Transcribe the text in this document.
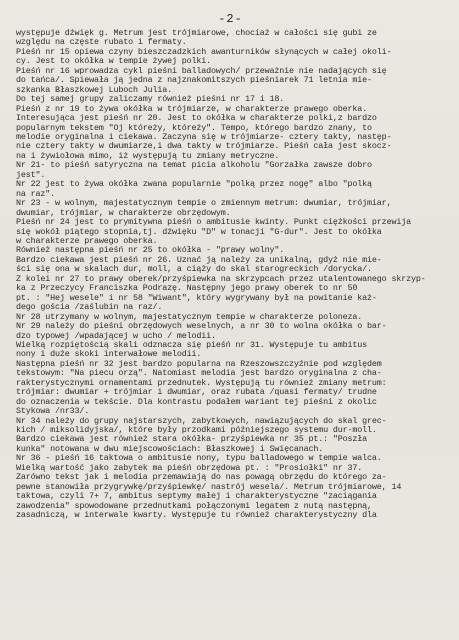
-2-
występuje dźwięk g. Metrum jest trójmiarowe, chociaż w całości się gubi ze
względu na częste rubato i fermaty.
Pieśń nr 15 opiewa czyny bieszczadzkich awanturników słynących w całej okoli-
cy. Jest to okółka w tempie żywej polki.
Pieśń nr 16 wprowadza cykl pieśni balladowych/ przeważnie nie nadających się
do tańca/. Śpiewała ją jedna z najznakomitszych pieśniarek 71 letnia mie-
szkanka Błaszkowej Luboch Julia.
Do tej samej grupy zaliczamy również pieśni nr 17 i 18.
Pieśń z nr 19 to żywa okółka w trójmiarze, w charakterze prawego oberka.
Interesująca jest pieśń nr 20. Jest to okółka w charakterze polki,z bardzo
popularnym tekstem "Oj któreży, któreży". Tempo, którego bardzo znany, to
melodie oryginalna i ciekawa. Zaczyna się w trójmiarze- cztery takty, następ-
nie cztery takty w dwumiarze,i dwa takty w trójmiarze. Pieśń cała jest skocz-
na i żywiołowa mimo, iż występują tu zmiany metryczne.
Nr 21- to pieśń satyryczna na temat picia alkoholu "Gorzałka zawsze dobro
jest".
Nr 22 jest to żywa okółka zwana popularnie "polką przez nogę" albo "polką
na raz".
Nr 23 - w wolnym, majestatycznym tempie o zmiennym metrum: dwumiar, trójmiar,
dwumiar, trójmiar, w charakterze obrzędowym.
Pieśń nr 24 jest to prymitywna pieśń o ambitusie kwinty. Punkt ciężkości przewija
się wokół piątego stopnia,tj. dźwięku "D" w tonacji "G-dur". Jest to okółka
w charakterze prawego oberka.
Również następna pieśń nr 25 to okółka - "prawy wolny".
Bardzo ciekawa jest pieśń nr 26. Uznać ją należy za unikalną, gdyż nie mie-
ści się ona w skalach dur, moll, a ciąży do skal starogreckich /dorycka/.
Z kolei nr 27 to prawy oberek/przyśpiewka na skrzypcach przez utalentowanego skrzyp-
ka z Przeczycy Franciszka Podrazę. Następny jego prawy oberek to nr 50
pt. : "Hej wesele" i nr 58 "Wiwant", który wygrywany był na powitanie każ-
dego gościa /zaślubin na raz/.
Nr 28 utrzymany w wolnym, majestatycznym tempie w charakterze poloneza.
Nr 29 należy do pieśni obrzędowych weselnych, a nr 30 to wolna okółka o bar-
dzo typowej /wpadającej w ucho / melodii.
Wielką rozpiętością skali odznacza się pieśń nr 31. Występuje tu ambitus
nony i duże skoki interwałowe melodii.
Następna pieśń nr 32 jest bardzo popularna na Rzeszowszczyźnie pod względem
tekstowym: "Na piecu orzą". Natomiast melodia jest bardzo oryginalna z cha-
rakterystycznymi ornamentami przednutek. Występują tu również zmiany metrum:
trójmiar: dwumiar + trójmiar i dwumiar, oraz rubata /quasi fermaty/ trudne
do oznaczenia w tekście. Dla kontrastu podałem wariant tej pieśni z okolic
Stykowa /nr33/.
Nr 34 należy do grupy najstarszych, zabytkowych, nawiązujących do skal grec-
kich / miksolidyjska/, które były przodkami późniejszego systemu dur-moll.
Bardzo ciekawa jest również stara okółka- przyśpiewka nr 35 pt.: "Poszła
kunka" notowana w dwu miejscowościach: Błaszkowej i Święcanach.
Nr 36 - pieśń 16 taktowa o ambitusie nony, typu balladowego w tempie walca.
Wielką wartość jako zabytek ma pieśń obrzędowa pt. : "Prosiołki" nr 37.
Zarówno tekst jak i melodia przemawiają do nas powagą obrzędu do którego za-
pewne stanowiła przygrywkę/przyśpiewkę/ nastrój wesela/. Metrum trójmiarowe, 14
taktowa, czyli 7+ 7, ambitus septymy małej i charakterystyczne "zaciągania
zawodzenia" spowodowane przednutkami połączonymi legatem z nutą następną,
zasadniczą, w interwale kwarty. Występuje tu również charakterystyczny dla
